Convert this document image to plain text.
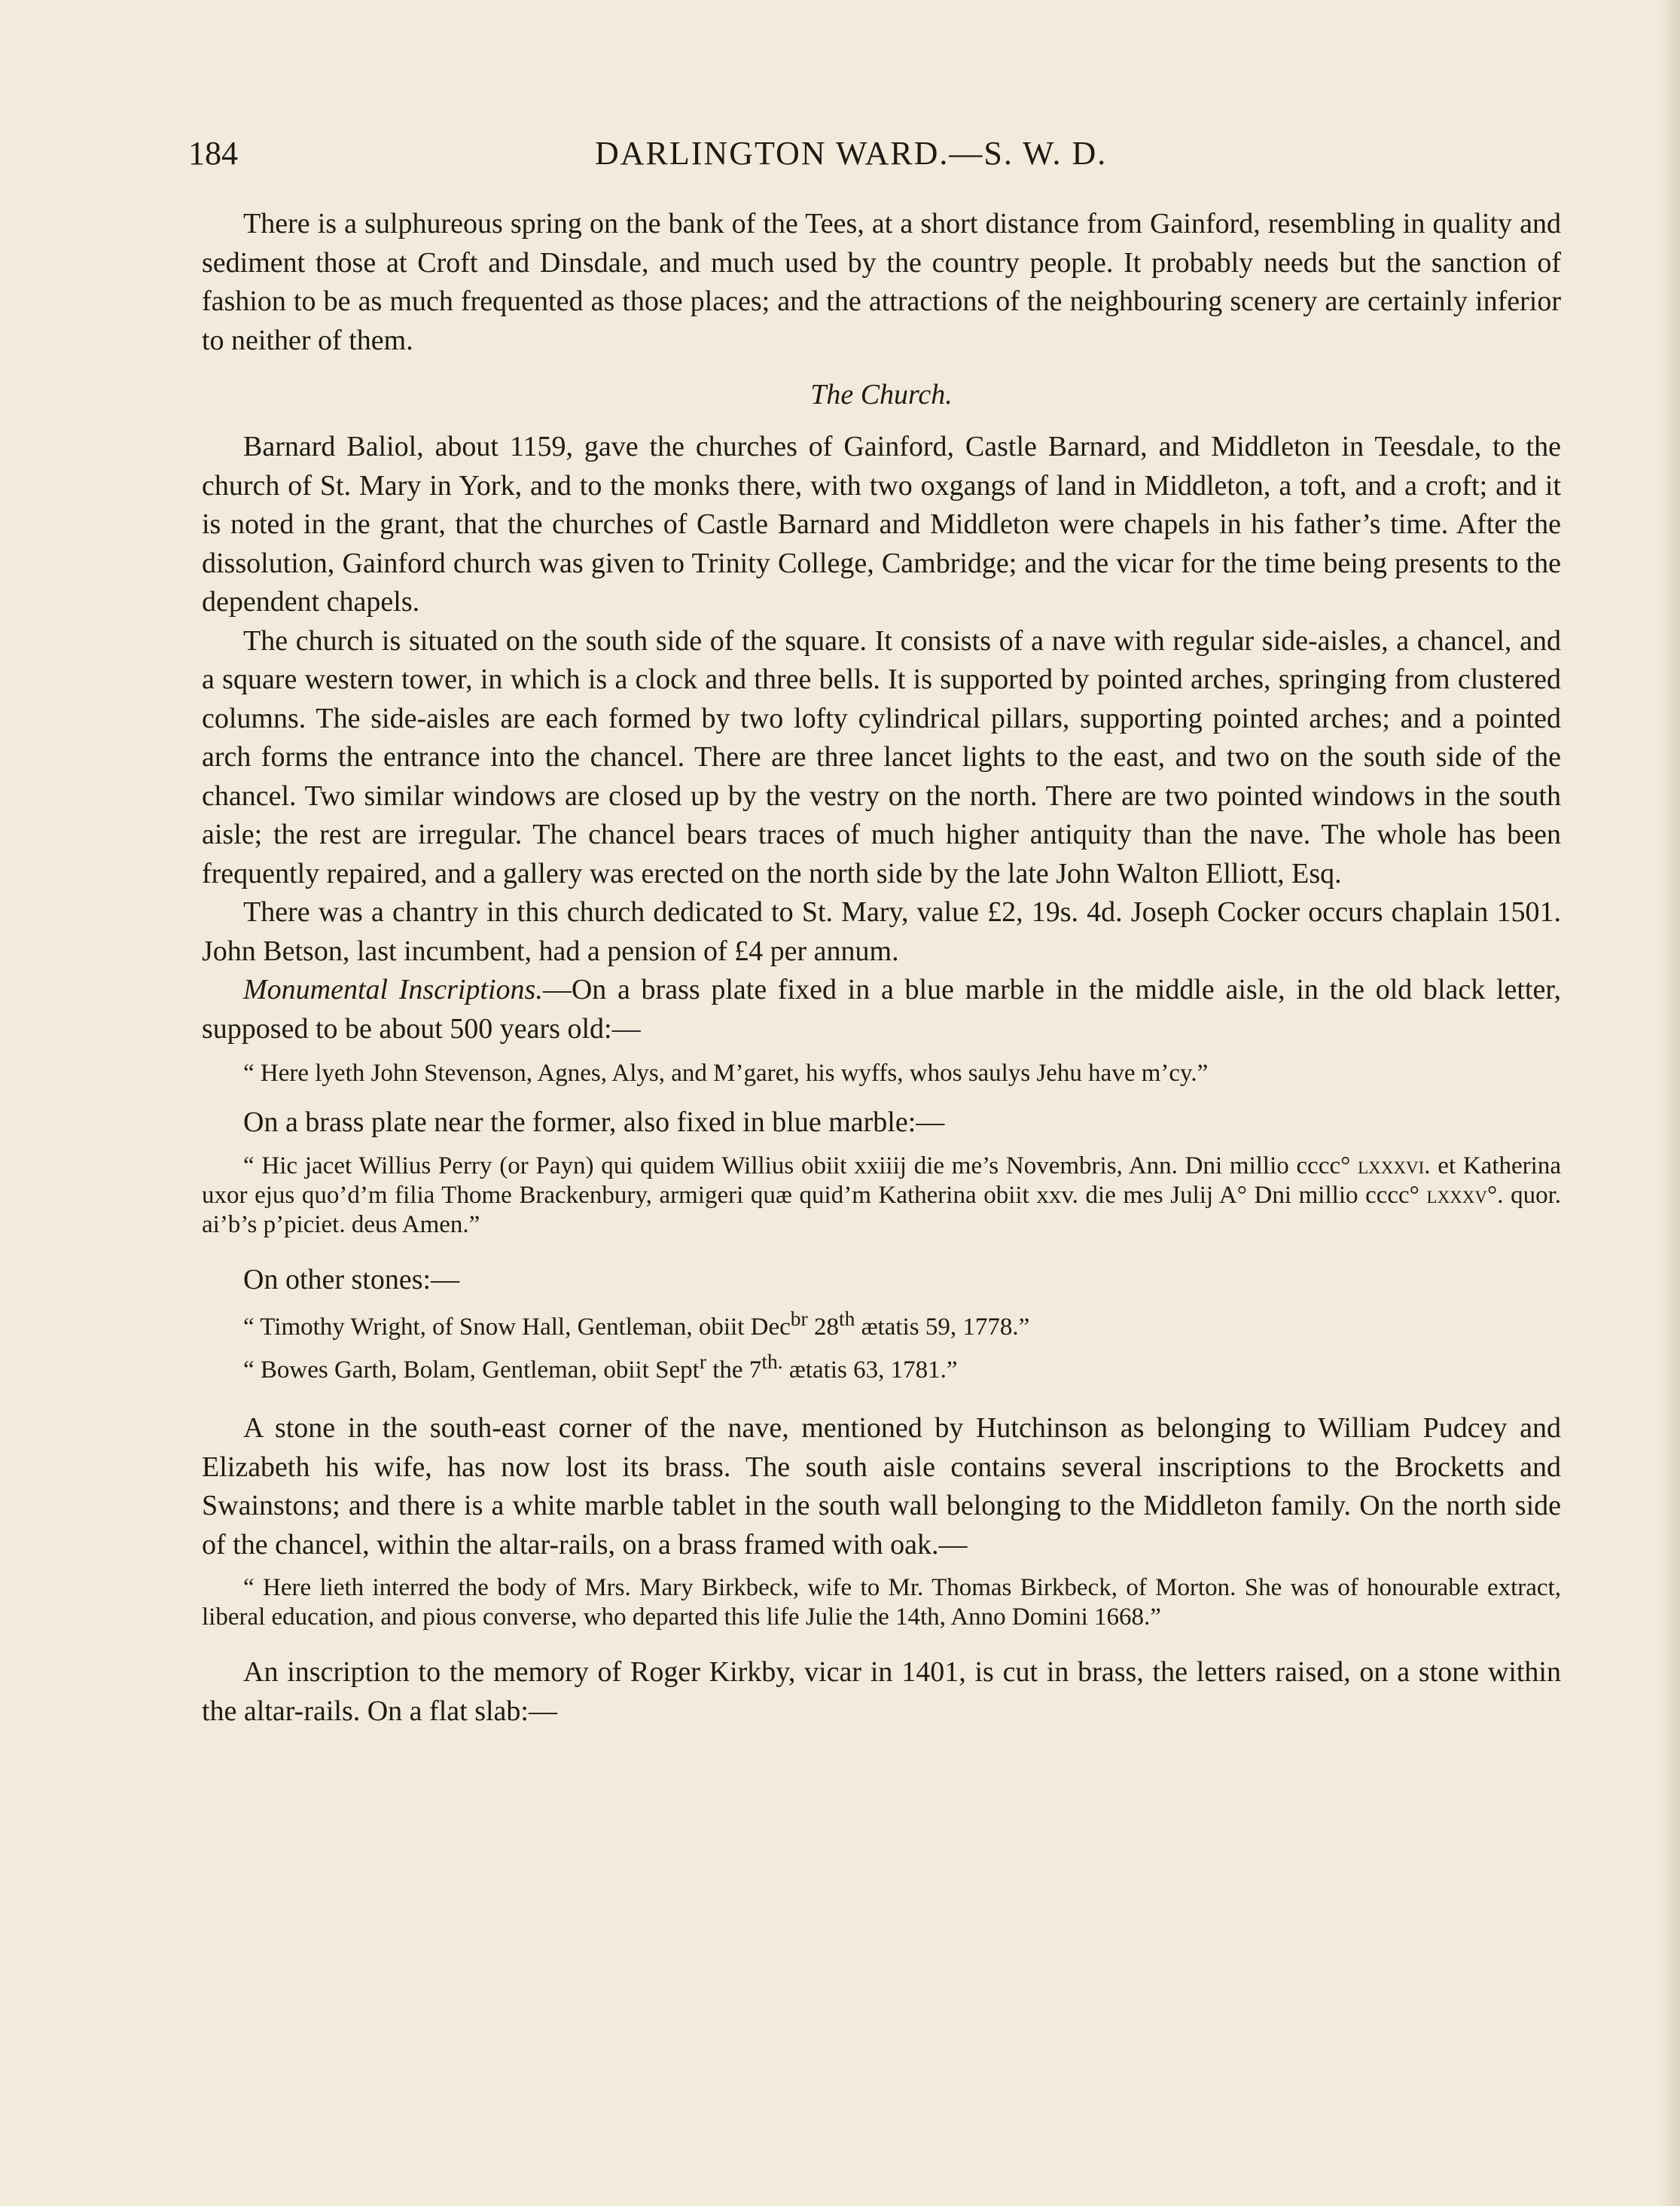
184	DARLINGTON WARD.—S. W. D.

There is a sulphureous spring on the bank of the Tees, at a short distance from Gainford, resembling in quality and sediment those at Croft and Dinsdale, and much used by the country people. It probably needs but the sanction of fashion to be as much frequented as those places; and the attractions of the neighbouring scenery are certainly inferior to neither of them.

The Church.

Barnard Baliol, about 1159, gave the churches of Gainford, Castle Barnard, and Middleton in Teesdale, to the church of St. Mary in York, and to the monks there, with two oxgangs of land in Middleton, a toft, and a croft; and it is noted in the grant, that the churches of Castle Barnard and Middleton were chapels in his father’s time. After the dissolution, Gainford church was given to Trinity College, Cambridge; and the vicar for the time being presents to the dependent chapels.

The church is situated on the south side of the square. It consists of a nave with regular side-aisles, a chancel, and a square western tower, in which is a clock and three bells. It is supported by pointed arches, springing from clustered columns. The side-aisles are each formed by two lofty cylindrical pillars, supporting pointed arches; and a pointed arch forms the entrance into the chancel. There are three lancet lights to the east, and two on the south side of the chancel. Two similar windows are closed up by the vestry on the north. There are two pointed windows in the south aisle; the rest are irregular. The chancel bears traces of much higher antiquity than the nave. The whole has been frequently repaired, and a gallery was erected on the north side by the late John Walton Elliott, Esq.

There was a chantry in this church dedicated to St. Mary, value £2, 19s. 4d. Joseph Cocker occurs chaplain 1501. John Betson, last incumbent, had a pension of £4 per annum.

Monumental Inscriptions.—On a brass plate fixed in a blue marble in the middle aisle, in the old black letter, supposed to be about 500 years old:—

“ Here lyeth John Stevenson, Agnes, Alys, and M’garet, his wyffs, whos saulys Jehu have m’cy.”

On a brass plate near the former, also fixed in blue marble:—

“ Hic jacet Willius Perry (or Payn) qui quidem Willius obiit xxiiij die me’s Novembris, Ann. Dni millio cccc° lxxxvi. et Katherina uxor ejus quo’d’m filia Thome Brackenbury, armigeri quæ quid’m Katherina obiit xxv. die mes Julij A° Dni millio cccc° lxxxv°. quor. ai’b’s p’piciet. deus Amen.”

On other stones:—

“ Timothy Wright, of Snow Hall, Gentleman, obiit Dec$^{br}$ 28th ætatis 59, 1778.”

“ Bowes Garth, Bolam, Gentleman, obiit Sept$^r$ the $7^{th.}$ ætatis 63, 1781.”

A stone in the south-east corner of the nave, mentioned by Hutchinson as belonging to William Pudcey and Elizabeth his wife, has now lost its brass. The south aisle contains several inscriptions to the Brocketts and Swainstons; and there is a white marble tablet in the south wall belonging to the Middleton family. On the north side of the chancel, within the altar-rails, on a brass framed with oak.—

“ Here lieth interred the body of Mrs. Mary Birkbeck, wife to Mr. Thomas Birkbeck, of Morton. She was of honourable extract, liberal education, and pious converse, who departed this life Julie the 14th, Anno Domini 1668.”

An inscription to the memory of Roger Kirkby, vicar in 1401, is cut in brass, the letters raised, on a stone within the altar-rails. On a flat slab:—
